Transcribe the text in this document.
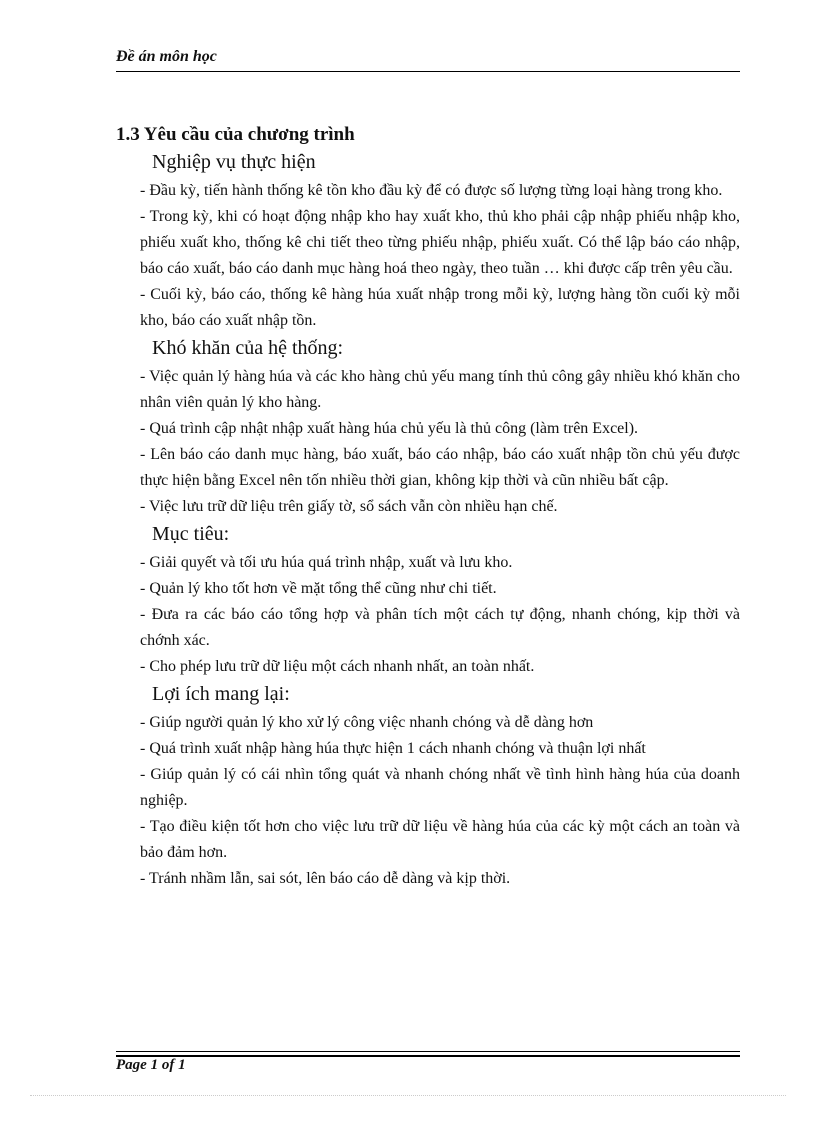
Đề án môn học
1.3 Yêu cầu của chương trình
Nghiệp vụ thực hiện

- Đầu kỳ, tiến hành thống kê tồn kho đầu kỳ để có được số lượng từng loại hàng trong kho.

- Trong kỳ, khi có hoạt động nhập kho hay xuất kho, thủ kho phải cập nhập phiếu nhập kho, phiếu xuất kho, thống kê chi tiết theo từng phiếu nhập, phiếu xuất. Có thể lập báo cáo nhập, báo cáo xuất, báo cáo danh mục hàng hoá theo ngày, theo tuần … khi được cấp trên yêu cầu.

- Cuối kỳ, báo cáo, thống kê hàng húa xuất nhập trong mỗi kỳ, lượng hàng tồn cuối kỳ mỗi kho, báo cáo xuất nhập tồn.

Khó khăn của hệ thống:

- Việc quản lý hàng húa và các kho hàng chủ yếu mang tính thủ công gây nhiều khó khăn cho nhân viên quản lý kho hàng.

- Quá trình cập nhật nhập xuất hàng húa chủ yếu là thủ công (làm trên Excel).

- Lên báo cáo danh mục hàng, báo xuất, báo cáo nhập, báo cáo xuất nhập tồn chủ yếu được thực hiện bằng Excel nên tốn nhiều thời gian, không kịp thời và cũn nhiều bất cập.

- Việc lưu trữ dữ liệu trên giấy tờ, sổ sách vẫn còn nhiều hạn chế.

Mục tiêu:

- Giải quyết và tối ưu húa quá trình nhập, xuất và lưu kho.

- Quản lý kho tốt hơn về mặt tổng thể cũng như chi tiết.

- Đưa ra các báo cáo tổng hợp và phân tích một cách tự động, nhanh chóng, kịp thời và chớnh xác.

- Cho phép lưu trữ dữ liệu một cách nhanh nhất, an toàn nhất.

Lợi ích mang lại:

- Giúp người quản lý kho xử lý công việc nhanh chóng và dễ dàng hơn

- Quá trình xuất nhập hàng húa thực hiện 1 cách nhanh chóng và thuận lợi nhất

- Giúp quản lý có cái nhìn tổng quát và nhanh chóng nhất về tình hình hàng húa của doanh nghiệp.

- Tạo điều kiện tốt hơn cho việc lưu trữ dữ liệu về hàng húa của các kỳ một cách an toàn và bảo đảm hơn.

- Tránh nhầm lẫn, sai sót, lên báo cáo dễ dàng và kịp thời.

Page 1 of 1
